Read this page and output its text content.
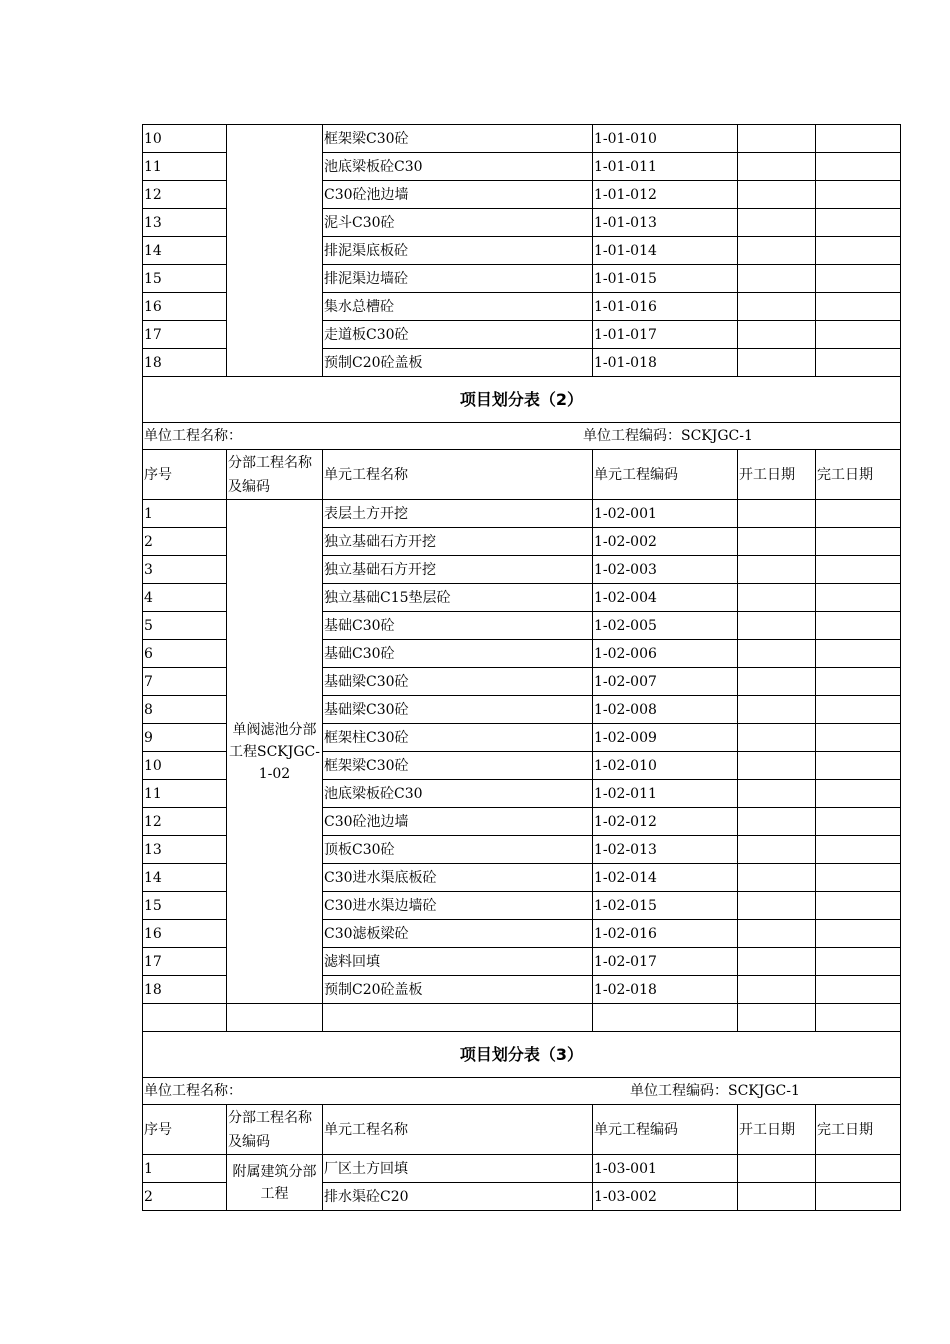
10		框架梁C30砼	1-01-010		
11		池底梁板砼C30	1-01-011		
12		C30砼池边墙	1-01-012		
13		泥斗C30砼	1-01-013		
14		排泥渠底板砼	1-01-014		
15		排泥渠边墙砼	1-01-015		
16		集水总槽砼	1-01-016		
17		走道板C30砼	1-01-017		
18		预制C20砼盖板	1-01-018		
项目划分表（2）					
单位工程名称： 单位工程编码：SCKJGC-1					

序号	分部工程名称及编码	单元工程名称	单元工程编码	开工日期	完工日期
1	单阀滤池分部工程SCKJGC-1-02	表层土方开挖	1-02-001		
2		独立基础石方开挖	1-02-002		
3		独立基础石方开挖	1-02-003		
4		独立基础C15垫层砼	1-02-004		
5		基础C30砼	1-02-005		
6		基础C30砼	1-02-006		
7		基础梁C30砼	1-02-007		
8		基础梁C30砼	1-02-008		
9		框架柱C30砼	1-02-009		
10		框架梁C30砼	1-02-010		
11		池底梁板砼C30	1-02-011		
12		C30砼池边墙	1-02-012		
13		顶板C30砼	1-02-013		
14		C30进水渠底板砼	1-02-014		
15		C30进水渠边墙砼	1-02-015		
16		C30滤板梁砼	1-02-016		
17		滤料回填	1-02-017		
18		预制C20砼盖板	1-02-018		

项目划分表（3）					
单位工程名称： 单位工程编码：SCKJGC-1					

序号	分部工程名称及编码	单元工程名称	单元工程编码	开工日期	完工日期
1	附属建筑分部工程	厂区土方回填	1-03-001		
2		排水渠砼C20	1-03-002		
